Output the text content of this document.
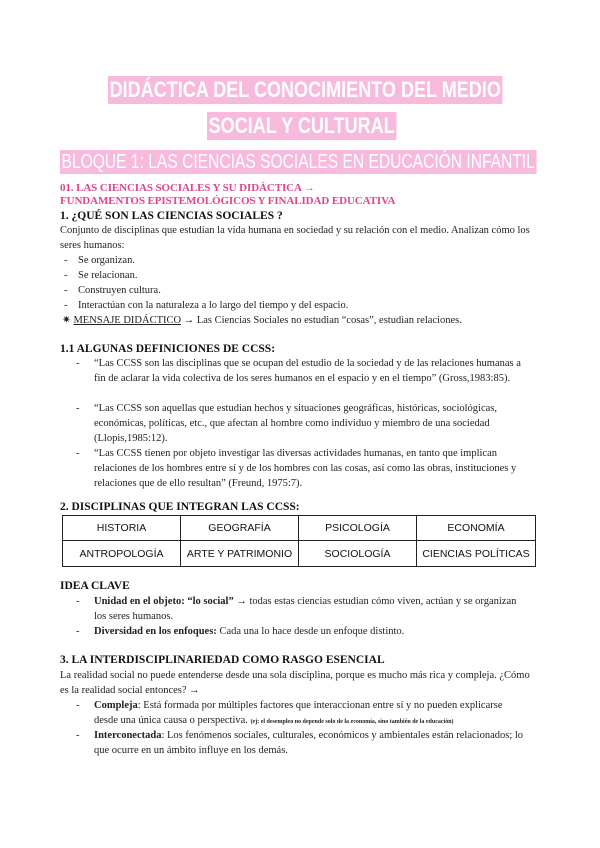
DIDÁCTICA DEL CONOCIMIENTO DEL MEDIO
SOCIAL Y CULTURAL
BLOQUE 1: LAS CIENCIAS SOCIALES EN EDUCACIÓN INFANTIL
01. LAS CIENCIAS SOCIALES Y SU DIDÁCTICA →
FUNDAMENTOS EPISTEMOLÓGICOS Y FINALIDAD EDUCATIVA
1. ¿QUÉ SON LAS CIENCIAS SOCIALES ?
Conjunto de disciplinas que estudian la vida humana en sociedad y su relación con el medio. Analizan cómo los seres humanos:
- Se organizan.
- Se relacionan.
- Construyen cultura.
- Interactúan con la naturaleza a lo largo del tiempo y del espacio.
✷ MENSAJE DIDÁCTICO → Las Ciencias Sociales no estudian “cosas”, estudian relaciones.
1.1 ALGUNAS DEFINICIONES DE CCSS:
- “Las CCSS son las disciplinas que se ocupan del estudio de la sociedad y de las relaciones humanas a fin de aclarar la vida colectiva de los seres humanos en el espacio y en el tiempo” (Gross,1983:85).
- “Las CCSS son aquellas que estudian hechos y situaciones geográficas, históricas, sociológicas, económicas, políticas, etc., que afectan al hombre como individuo y miembro de una sociedad (Llopis,1985:12).
- “Las CCSS tienen por objeto investigar las diversas actividades humanas, en tanto que implican relaciones de los hombres entre sí y de los hombres con las cosas, así como las obras, instituciones y relaciones que de ello resultan” (Freund, 1975:7).
2. DISCIPLINAS QUE INTEGRAN LAS CCSS:
HISTORIA	GEOGRAFÍA	PSICOLOGÍA	ECONOMÍA
ANTROPOLOGÍA	ARTE Y PATRIMONIO	SOCIOLOGÍA	CIENCIAS POLÍTICAS
IDEA CLAVE
- Unidad en el objeto: “lo social” → todas estas ciencias estudian cómo viven, actúan y se organizan los seres humanos.
- Diversidad en los enfoques: Cada una lo hace desde un enfoque distinto.
3. LA INTERDISCIPLINARIEDAD COMO RASGO ESENCIAL
La realidad social no puede entenderse desde una sola disciplina, porque es mucho más rica y compleja. ¿Cómo es la realidad social entonces? →
- Compleja: Está formada por múltiples factores que interaccionan entre sí y no pueden explicarse desde una única causa o perspectiva. (ej: el desempleo no depende solo de la economía, sino también de la educación)
- Interconectada: Los fenómenos sociales, culturales, económicos y ambientales están relacionados; lo que ocurre en un ámbito influye en los demás.
